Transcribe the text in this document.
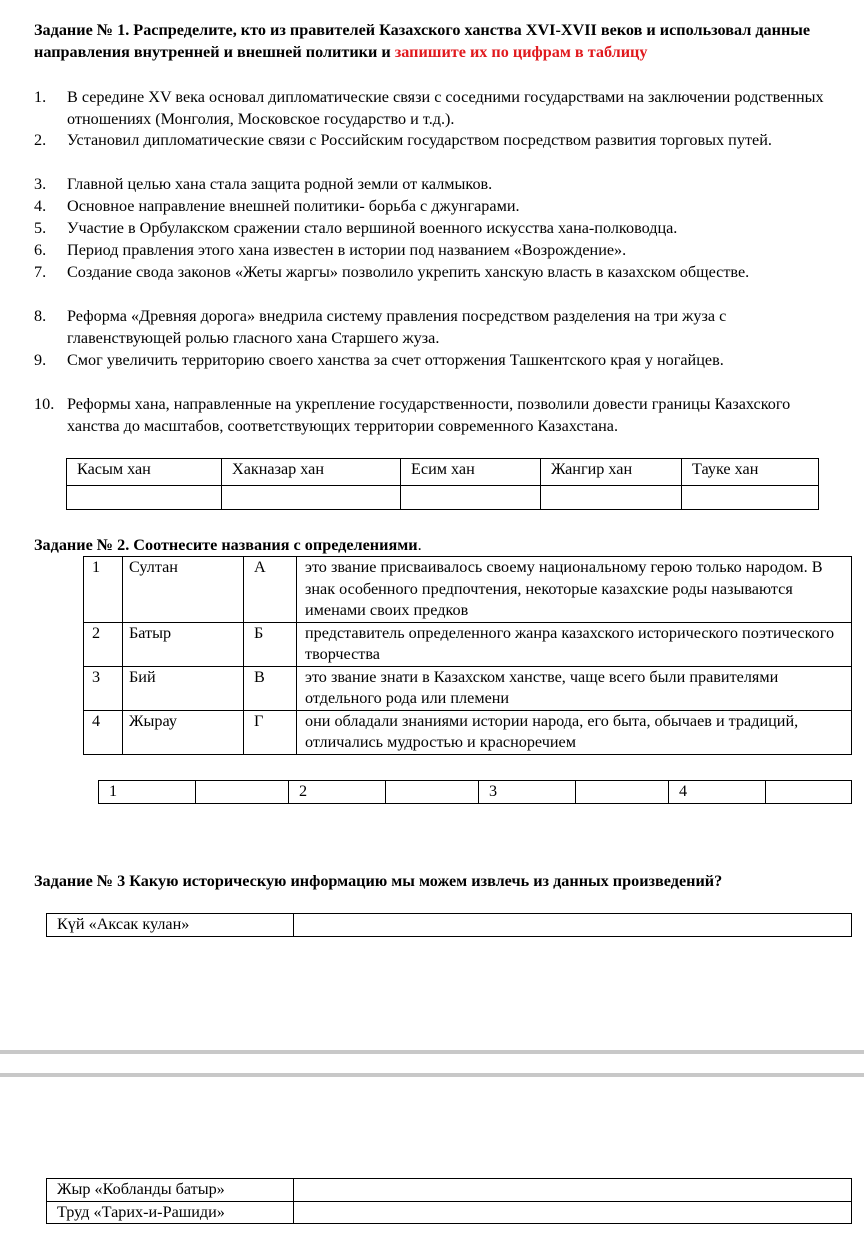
Задание № 1. Распределите, кто из правителей Казахского ханства XVI-XVII веков и использовал данные направления внутренней и внешней политики и запишите их по цифрам в таблицу
1.	В середине XV века основал дипломатические связи с соседними государствами на заключении родственных отношениях (Монголия, Московское государство и т.д.).
2.	Установил дипломатические связи с Российским государством посредством развития торговых путей.
3.	Главной целью хана стала защита родной земли от калмыков.
4.	Основное направление внешней политики- борьба с джунгарами.
5.	Участие в Орбулакском сражении стало вершиной военного искусства хана-полководца.
6.	Период правления этого хана известен в истории под названием «Возрождение».
7.	Создание свода законов «Жеты жаргы» позволило укрепить ханскую власть в казахском обществе.
8.	Реформа «Древняя дорога» внедрила систему правления посредством разделения на три жуза с главенствующей ролью гласного хана Старшего жуза.
9.	Смог увеличить территорию своего ханства за счет отторжения Ташкентского края у ногайцев.
10. Реформы хана, направленные на укрепление государственности, позволили довести границы Казахского ханства до масштабов, соответствующих территории современного Казахстана.
Касым хан	Хакназар хан	Есим хан	Жангир хан	Тауке хан

Задание № 2. Соотнесите названия с определениями.
1	Султан	А	это звание присваивалось своему национальному герою только народом. В знак особенного предпочтения, некоторые казахские роды называются именами своих предков
2	Батыр	Б	представитель определенного жанра казахского исторического поэтического творчества
3	Бий	В	это звание знати в Казахском ханстве, чаще всего были правителями отдельного рода или племени
4	Жырау	Г	они обладали знаниями истории народа, его быта, обычаев и традиций, отличались мудростью и красноречием
1		2		3		4	
Задание № 3 Какую историческую информацию мы можем извлечь из данных произведений?
Күй «Аксак кулан»	
Жыр «Кобланды батыр»	
Труд «Тарих-и-Рашиди»	
